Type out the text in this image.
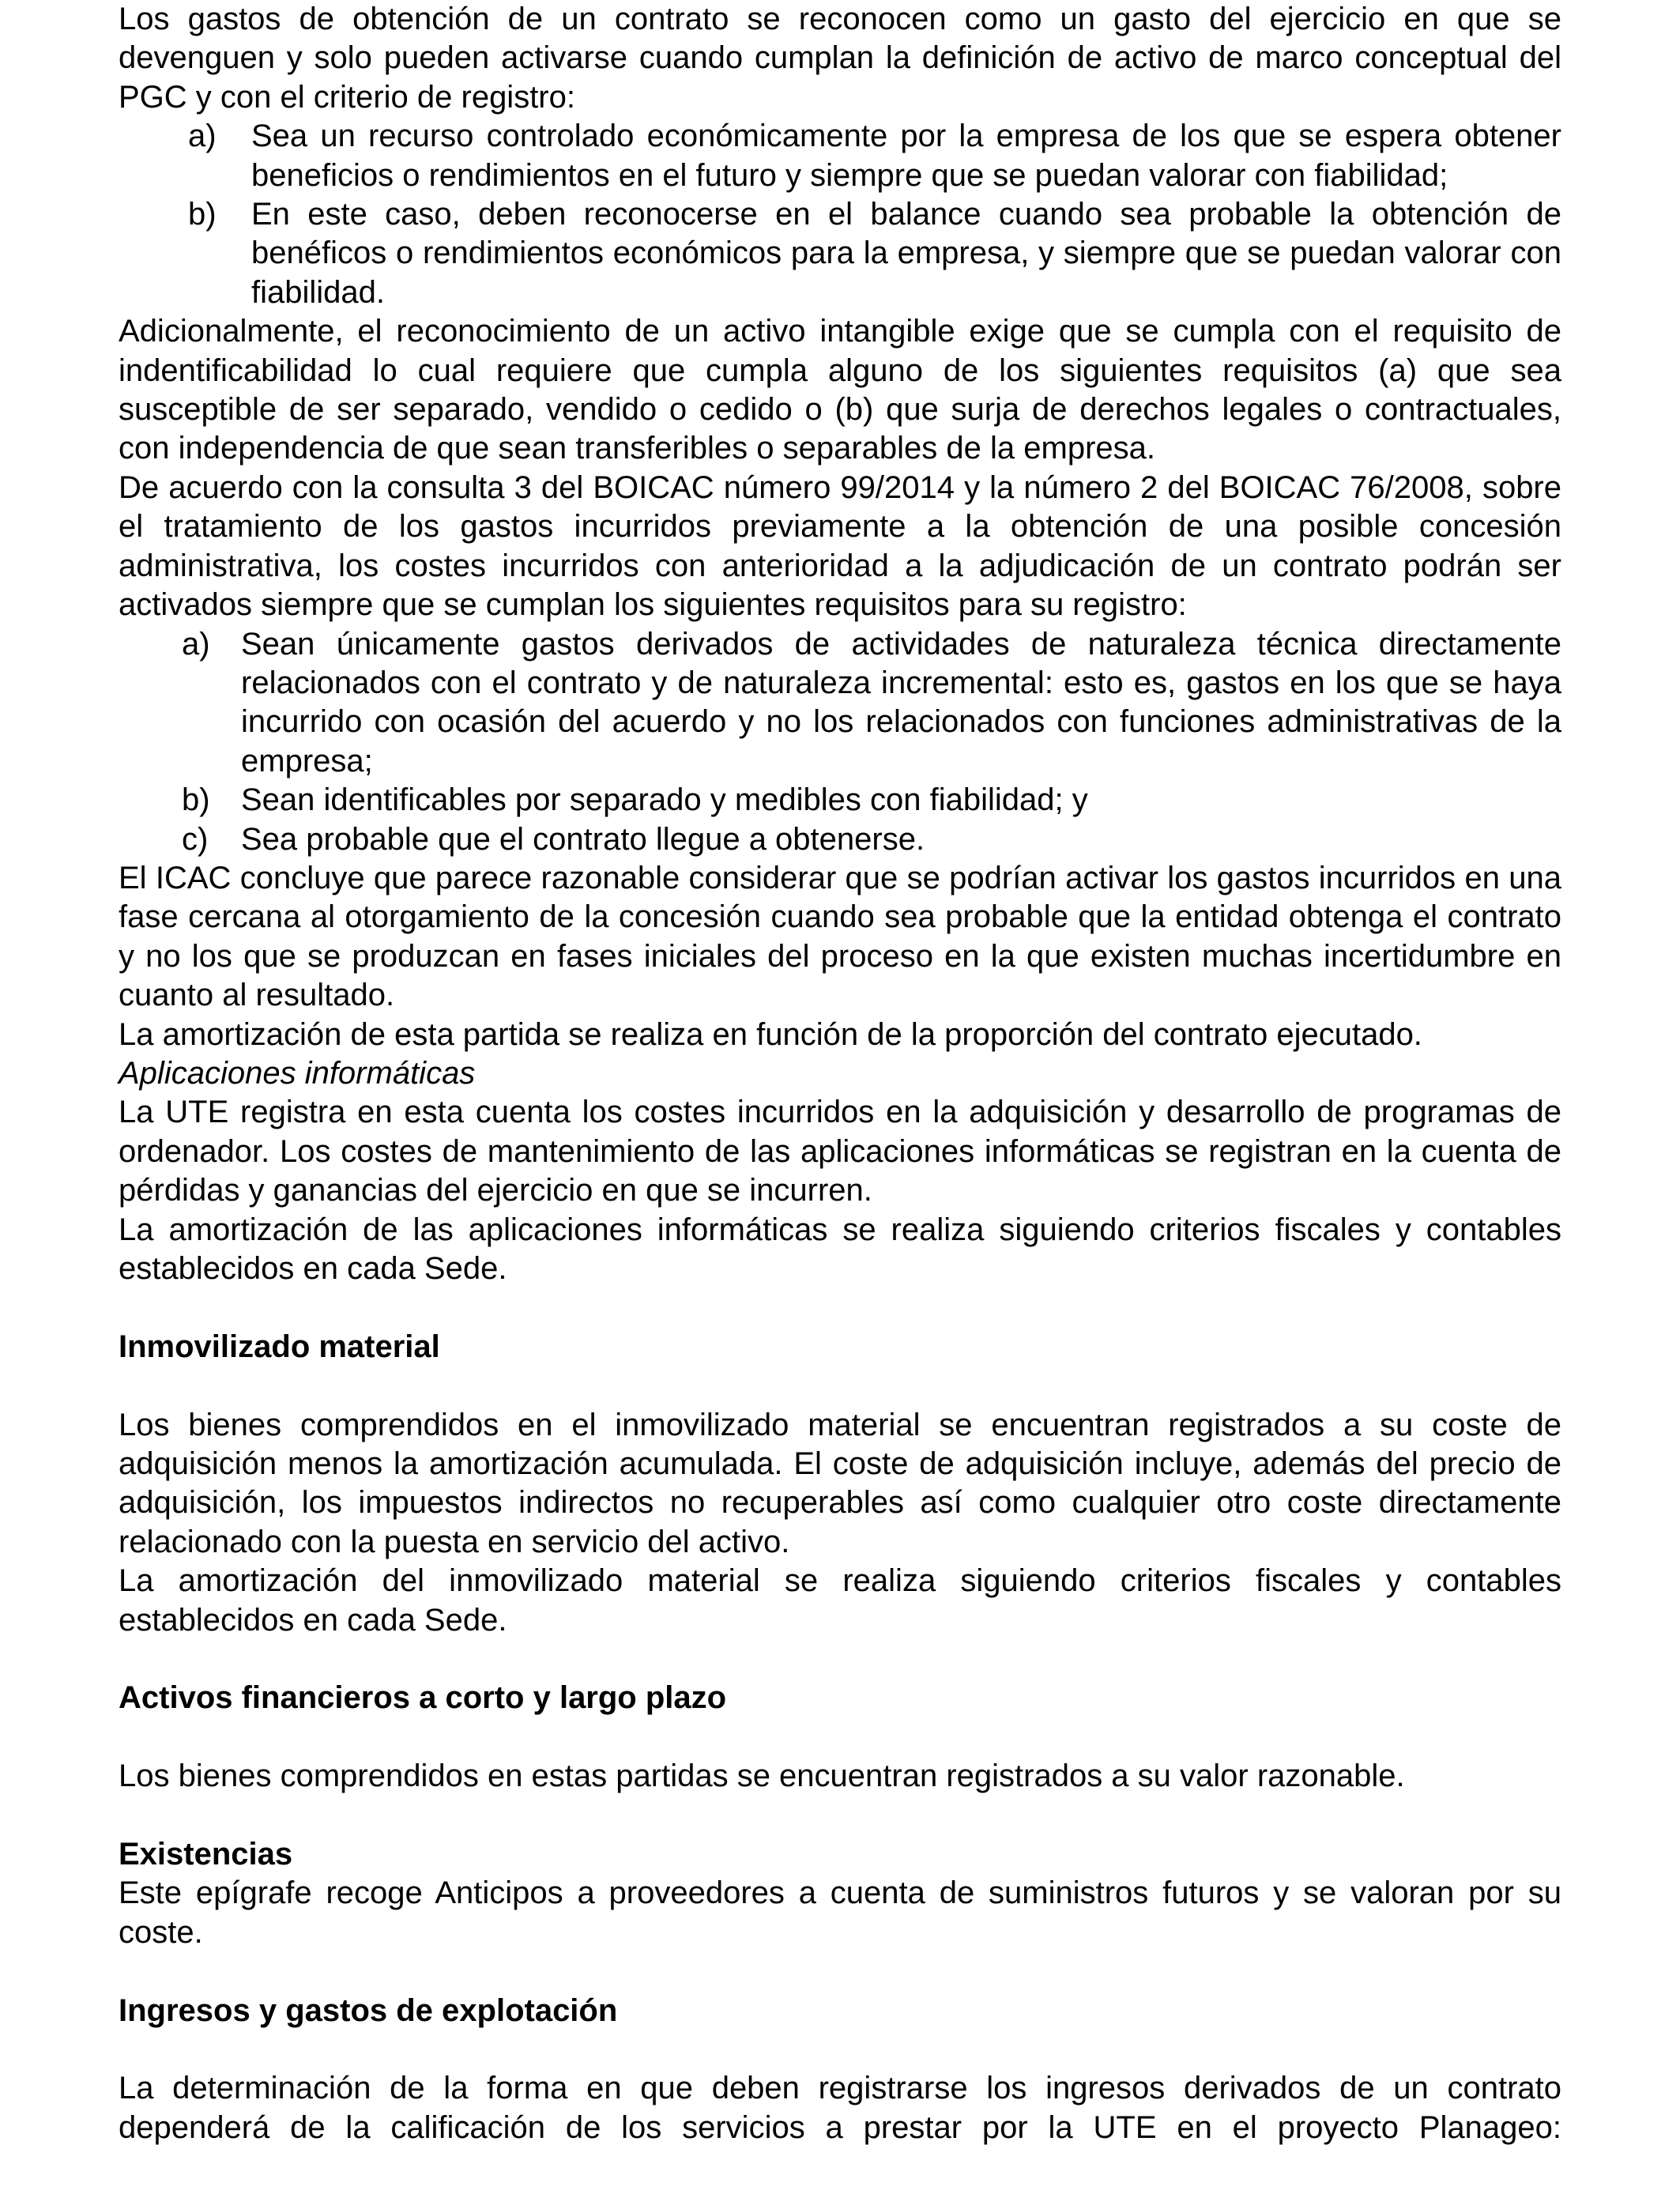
Los gastos de obtención de un contrato se reconocen como un gasto del ejercicio en que se devenguen y solo pueden activarse cuando cumplan la definición de activo de marco conceptual del PGC y con el criterio de registro:

a)	Sea un recurso controlado económicamente por la empresa de los que se espera obtener beneficios o rendimientos en el futuro y siempre que se puedan valorar con fiabilidad;
b)	En este caso, deben reconocerse en el balance cuando sea probable la obtención de benéficos o rendimientos económicos para la empresa, y siempre que se puedan valorar con fiabilidad.

Adicionalmente, el reconocimiento de un activo intangible exige que se cumpla con el requisito de indentificabilidad lo cual requiere que cumpla alguno de los siguientes requisitos (a) que sea susceptible de ser separado, vendido o cedido o (b) que surja de derechos legales o contractuales, con independencia de que sean transferibles o separables de la empresa.

De acuerdo con la consulta 3 del BOICAC número 99/2014 y la número 2 del BOICAC 76/2008, sobre el tratamiento de los gastos incurridos previamente a la obtención de una posible concesión administrativa, los costes incurridos con anterioridad a la adjudicación de un contrato podrán ser activados siempre que se cumplan los siguientes requisitos para su registro:

a) Sean únicamente gastos derivados de actividades de naturaleza técnica directamente relacionados con el contrato y de naturaleza incremental: esto es, gastos en los que se haya incurrido con ocasión del acuerdo y no los relacionados con funciones administrativas de la empresa;
b) Sean identificables por separado y medibles con fiabilidad; y
c)	Sea probable que el contrato llegue a obtenerse.

El ICAC concluye que parece razonable considerar que se podrían activar los gastos incurridos en una fase cercana al otorgamiento de la concesión cuando sea probable que la entidad obtenga el contrato y no los que se produzcan en fases iniciales del proceso en la que existen muchas incertidumbre en cuanto al resultado.

La amortización de esta partida se realiza en función de la proporción del contrato ejecutado.

Aplicaciones informáticas

La UTE registra en esta cuenta los costes incurridos en la adquisición y desarrollo de programas de ordenador. Los costes de mantenimiento de las aplicaciones informáticas se registran en la cuenta de pérdidas y ganancias del ejercicio en que se incurren.

La amortización de las aplicaciones informáticas se realiza siguiendo criterios fiscales y contables establecidos en cada Sede.

Inmovilizado material

Los bienes comprendidos en el inmovilizado material se encuentran registrados a su coste de adquisición menos la amortización acumulada. El coste de adquisición incluye, además del precio de adquisición, los impuestos indirectos no recuperables así como cualquier otro coste directamente relacionado con la puesta en servicio del activo.

La amortización del inmovilizado material se realiza siguiendo criterios fiscales y contables establecidos en cada Sede.

Activos financieros a corto y largo plazo

Los bienes comprendidos en estas partidas se encuentran registrados a su valor razonable.

Existencias

Este epígrafe recoge Anticipos a proveedores a cuenta de suministros futuros y se valoran por su coste.

Ingresos y gastos de explotación

La determinación de la forma en que deben registrarse los ingresos derivados de un contrato dependerá de la calificación de los servicios a prestar por la UTE en el proyecto Planageo:
